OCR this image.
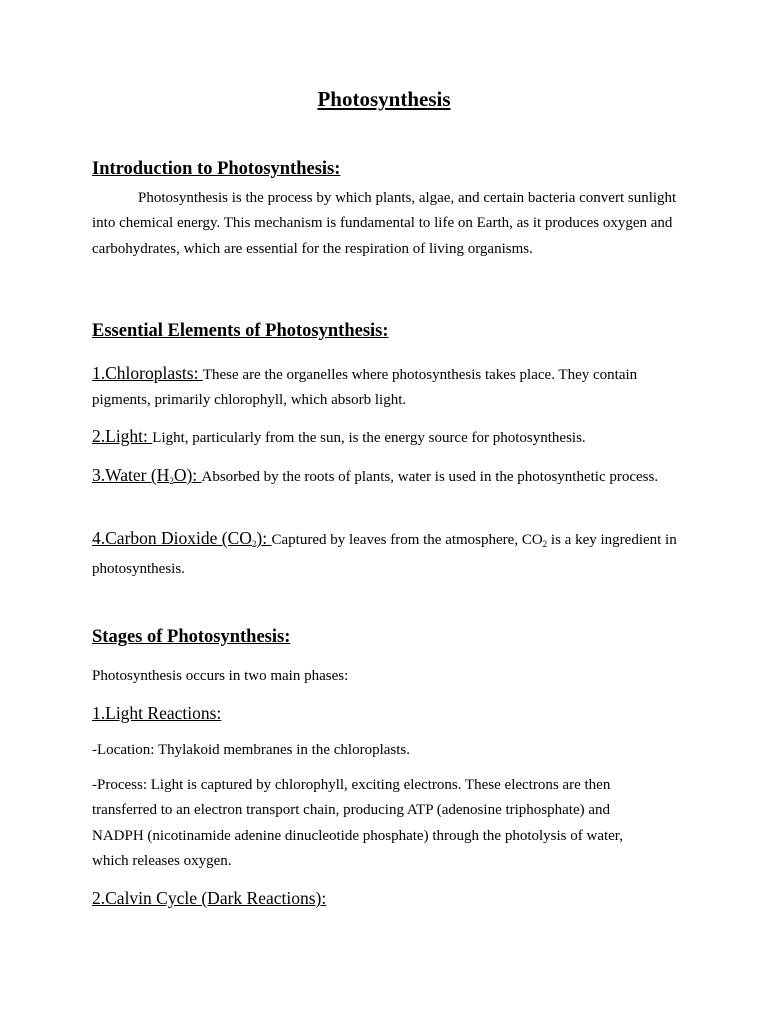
Photosynthesis
Introduction to Photosynthesis:
Photosynthesis is the process by which plants, algae, and certain bacteria convert sunlight into chemical energy. This mechanism is fundamental to life on Earth, as it produces oxygen and carbohydrates, which are essential for the respiration of living organisms.
Essential Elements of Photosynthesis:
1.Chloroplasts: These are the organelles where photosynthesis takes place. They contain pigments, primarily chlorophyll, which absorb light.
2.Light: Light, particularly from the sun, is the energy source for photosynthesis.
3.Water $(H_2O)$: Absorbed by the roots of plants, water is used in the photosynthetic process.
4.Carbon Dioxide $(CO_2)$: Captured by leaves from the atmosphere, $CO_2$ is a key ingredient in photosynthesis.
Stages of Photosynthesis:
Photosynthesis occurs in two main phases:
1.Light Reactions:
-Location: Thylakoid membranes in the chloroplasts.
-Process: Light is captured by chlorophyll, exciting electrons. These electrons are then transferred to an electron transport chain, producing ATP (adenosine triphosphate) and NADPH (nicotinamide adenine dinucleotide phosphate) through the photolysis of water, which releases oxygen.
2.Calvin Cycle (Dark Reactions):
